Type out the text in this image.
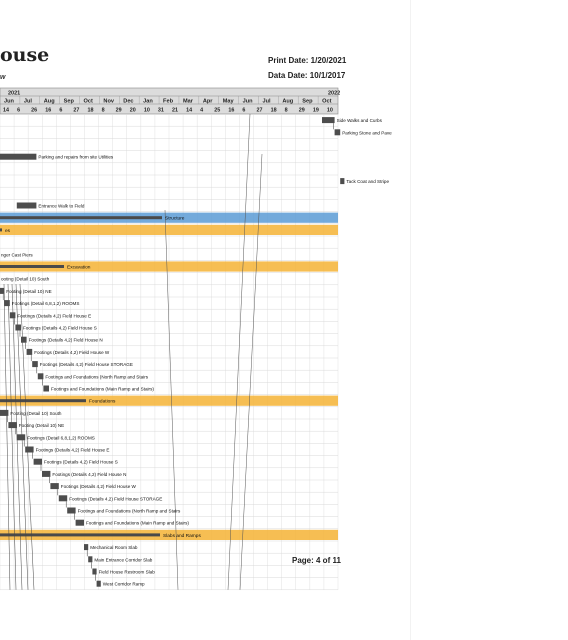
ouse
w
Print Date: 1/20/2021
Data Date: 10/1/2017
2021	2022
Jun Jul Aug Sep Oct Nov Dec Jan Feb Mar Apr May Jun Jul Aug Sep Oct
14 6 26 16 6 27 18 8 29 20 10 31 21 14 4 25 16 6 27 18 8 29 19 10
Side Walks and Curbs
Parking Stone and Pave
Parking and repairs from site Utilities
Tack Coat and Stripe
Entrance Walk to Field
Structure
es
nger Cast Piers
Excavation
ooting (Detail 10) South
Footing (Detail 10) NE
Footings (Detail 6,8,1,2) ROOMS
Footings (Details 4,2) Field House E
Footings (Details 4,2) Field House S
Footings (Details 4,2) Field House N
Footings (Details 4,2) Field House W
Footings (Details 4,2) Field House STORAGE
Footings and Foundations (North Ramp and Stairs
Footings and Foundations (Main Ramp and Stairs)
Foundations
Footing (Detail 10) South
Footing (Detail 10) NE
Footings (Detail 6,8,1,2) ROOMS
Footings (Details 4,2) Field House E
Footings (Details 4,2) Field House S
Footings (Details 4,2) Field House N
Footings (Details 4,2) Field House W
Footings (Details 4,2) Field House STORAGE
Footings and Foundations (North Ramp and Stairs
Footings and Foundations (Main Ramp and Stairs)
Slabs and Ramps
Mechanical Room Slab
Main Entrance Corridor Slab
Field House Restroom Slab
West Corridor Ramp
Page: 4 of 11
